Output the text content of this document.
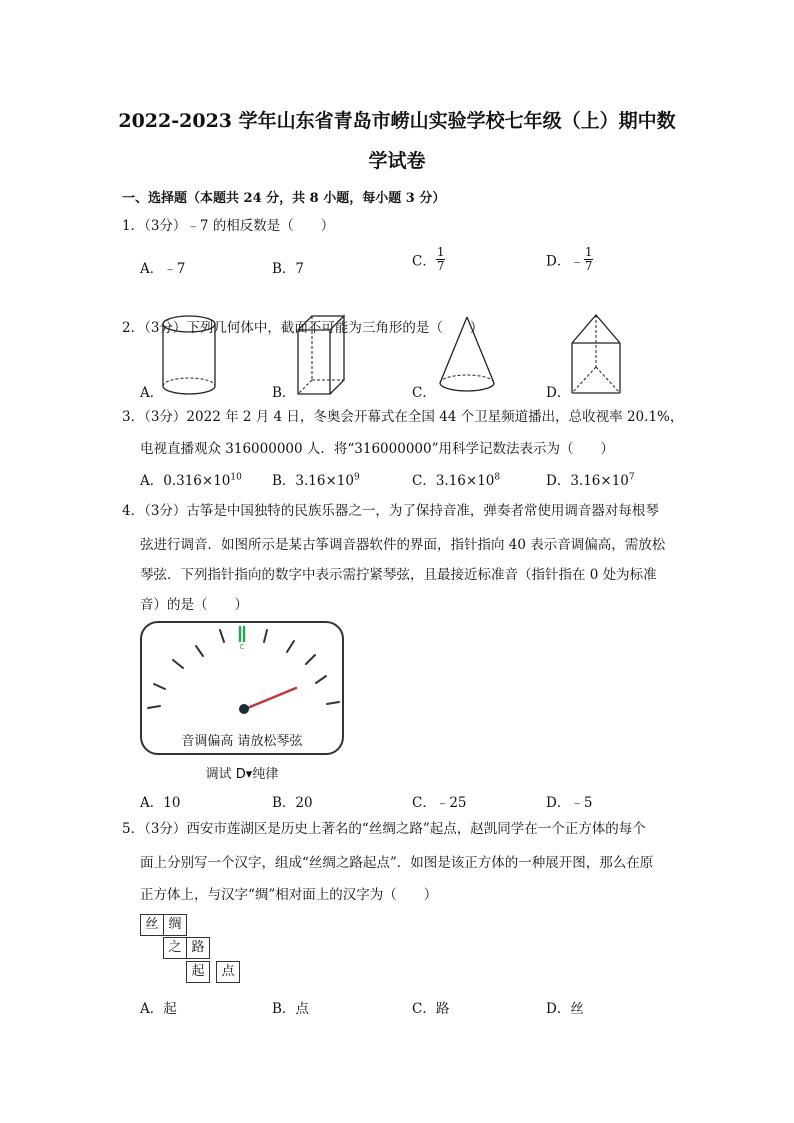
2022-2023 学年山东省青岛市崂山实验学校七年级（上）期中数
学试卷
一、选择题（本题共 24 分，共 8 小题，每小题 3 分）
1．（3分）﹣7 的相反数是（　　）
A．﹣7	B．7	C． $\frac{1}{7}$	D．﹣ $\frac{1}{7}$
2．（3分）下列几何体中，截面不可能为三角形的是（　　）
A．	B．	C．	D．
3．（3分）2022 年 2 月 4 日，冬奥会开幕式在全国 44 个卫星频道播出，总收视率 20.1%，
电视直播观众 316000000 人．将“316000000”用科学记数法表示为（　　）
A．$0.316\times 10^{10}$ B．$3.16\times 10^9$	C．$3.16\times 10^8$	D．$3.16\times 10^7$
4．（3分）古筝是中国独特的民族乐器之一，为了保持音准，弹奏者常使用调音器对每根琴
弦进行调音．如图所示是某古筝调音器软件的界面，指针指向 40 表示音调偏高，需放松
琴弦．下列指针指向的数字中表示需拧紧琴弦，且最接近标准音（指针指在 0 处为标准
音）的是（　　）
C
音调偏高 请放松琴弦
调试 D▾纯律
A．10	B．20	C．﹣25	D．﹣5
5．（3分）西安市莲湖区是历史上著名的“丝绸之路”起点，赵凯同学在一个正方体的每个
面上分别写一个汉字，组成“丝绸之路起点”．如图是该正方体的一种展开图，那么在原
正方体上，与汉字“绸”相对面上的汉字为（　　）
丝 绸
之 路
起	点
A．起	B．点	C．路	D．丝
